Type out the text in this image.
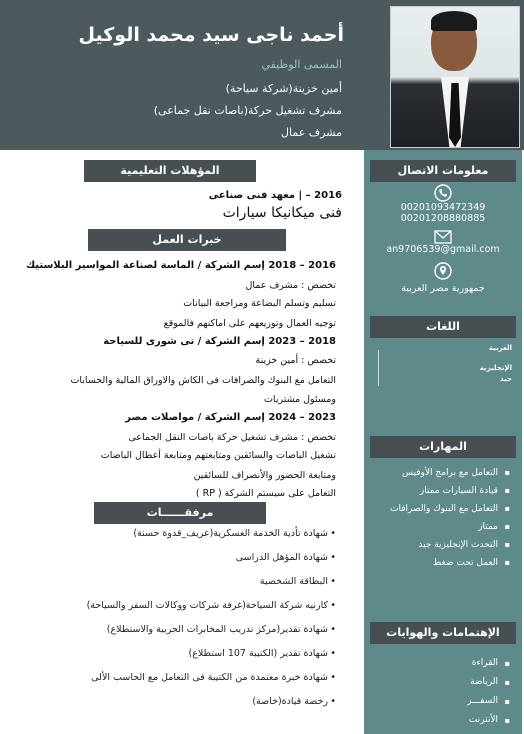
أحمد ناجى سيد محمد الوكيل
المسمى الوظيفي
أمين خزينة(شركة سياحة)
مشرف تشغيل حركة(باصات نقل جماعى)
مشرف عمال
معلومات الاتصال
00201093472349
00201208880885
an9706539@gmail.com
جمهورية مصر العربية
اللغات
العربية
الإنجليزية
جيد
المهارات
▪ التعامل مع برامج الأوفيس
▪ قيادة السيارات ممتاز
▪ التعامل مع البنوك والصرافات
▪ ممتاز
▪ التحدث الإنجليزية جيد
▪ العمل تحت ضغط
الإهتمامات والهوايات
▪ القراءة
▪ الرياضة
▪ السفـــر
▪ الأنترنت
المؤهلات التعليمية
2016 – | معهد فنى صناعى
فنى ميكانيكا سيارات
خبرات العمل
2016 – 2018 إسم الشركة / الماسة لصناعة المواسير البلاستيك
تخصص : مشرف عمال
تسليم وتسلم البضاعة ومراجعة البيانات
توجيه العمال وتوزيعهم على اماكنهم فالموقع
2018 – 2023 إسم الشركة / تى شورى للسياحة
تخصص : أمين خزينة
التعامل مع البنوك والصرافات فى الكاش والاوراق المالية والحسابات
ومسئول مشتريات
2023 – 2024 إسم الشركة / مواصلات مصر
تخصص : مشرف تشغيل حركة باصات النقل الجماعى
تشغيل الباصات والسائقين ومتابعتهم ومتابعة أعطال الباصات
ومتابعة الحضور والأنصراف للسائقين
التعامل على سيستم الشركة ( RP )
مرفقــــــات
• شهادة تأدية الخدمة العسكرية(عريف_قدوة حسنة)
• شهادة المؤهل الدراسى
• البطاقة الشخصية
• كارنيه شركة السياحة(غرفة شركات ووكالات السفر والسياحة)
• شهادة تقدير(مركز تدريب المخابرات الحربية والاستطلاع)
• شهادة تقدير (الكتيبة 107 استطلاع)
• شهادة خبرة معتمدة من الكتيبة فى التعامل مع الحاسب الألى
• رخصة قيادة(خاصة)
